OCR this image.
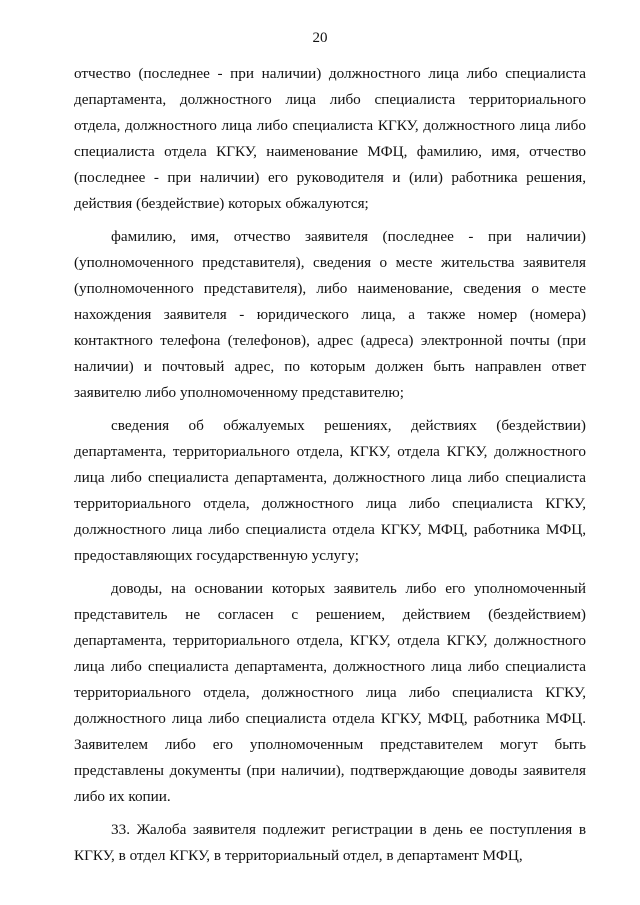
20

отчество (последнее - при наличии) должностного лица либо специалиста департамента, должностного лица либо специалиста территориального отдела, должностного лица либо специалиста КГКУ, должностного лица либо специалиста отдела КГКУ, наименование МФЦ, фамилию, имя, отчество (последнее - при наличии) его руководителя и (или) работника решения, действия (бездействие) которых обжалуются;

фамилию, имя, отчество заявителя (последнее - при наличии) (уполномоченного представителя), сведения о месте жительства заявителя (уполномоченного представителя), либо наименование, сведения о месте нахождения заявителя - юридического лица, а также номер (номера) контактного телефона (телефонов), адрес (адреса) электронной почты (при наличии) и почтовый адрес, по которым должен быть направлен ответ заявителю либо уполномоченному представителю;

сведения об обжалуемых решениях, действиях (бездействии) департамента, территориального отдела, КГКУ, отдела КГКУ, должностного лица либо специалиста департамента, должностного лица либо специалиста территориального отдела, должностного лица либо специалиста КГКУ, должностного лица либо специалиста отдела КГКУ, МФЦ, работника МФЦ, предоставляющих государственную услугу;

доводы, на основании которых заявитель либо его уполномоченный представитель не согласен с решением, действием (бездействием) департамента, территориального отдела, КГКУ, отдела КГКУ, должностного лица либо специалиста департамента, должностного лица либо специалиста территориального отдела, должностного лица либо специалиста КГКУ, должностного лица либо специалиста отдела КГКУ, МФЦ, работника МФЦ. Заявителем либо его уполномоченным представителем могут быть представлены документы (при наличии), подтверждающие доводы заявителя либо их копии.

33. Жалоба заявителя подлежит регистрации в день ее поступления в КГКУ, в отдел КГКУ, в территориальный отдел, в департамент МФЦ,
